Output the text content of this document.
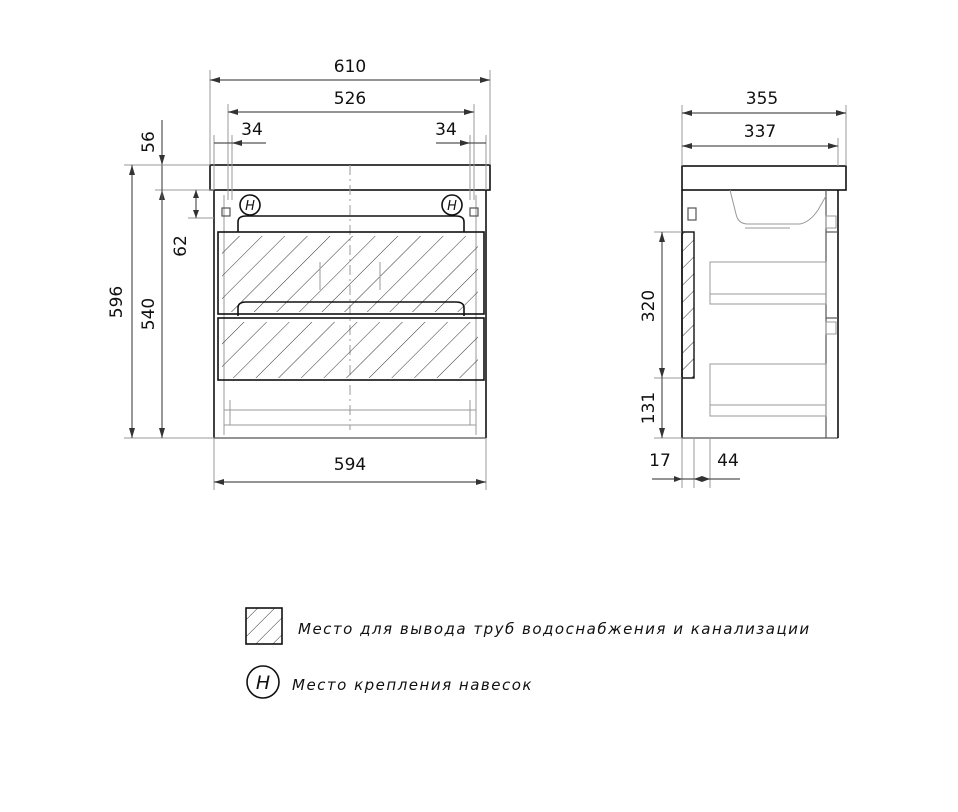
H	H
610
526
34	34
56
62
596 540
594
355
337
320
131
17	44
Место для вывода труб водоснабжения и канализации
H Место крепления навесок
